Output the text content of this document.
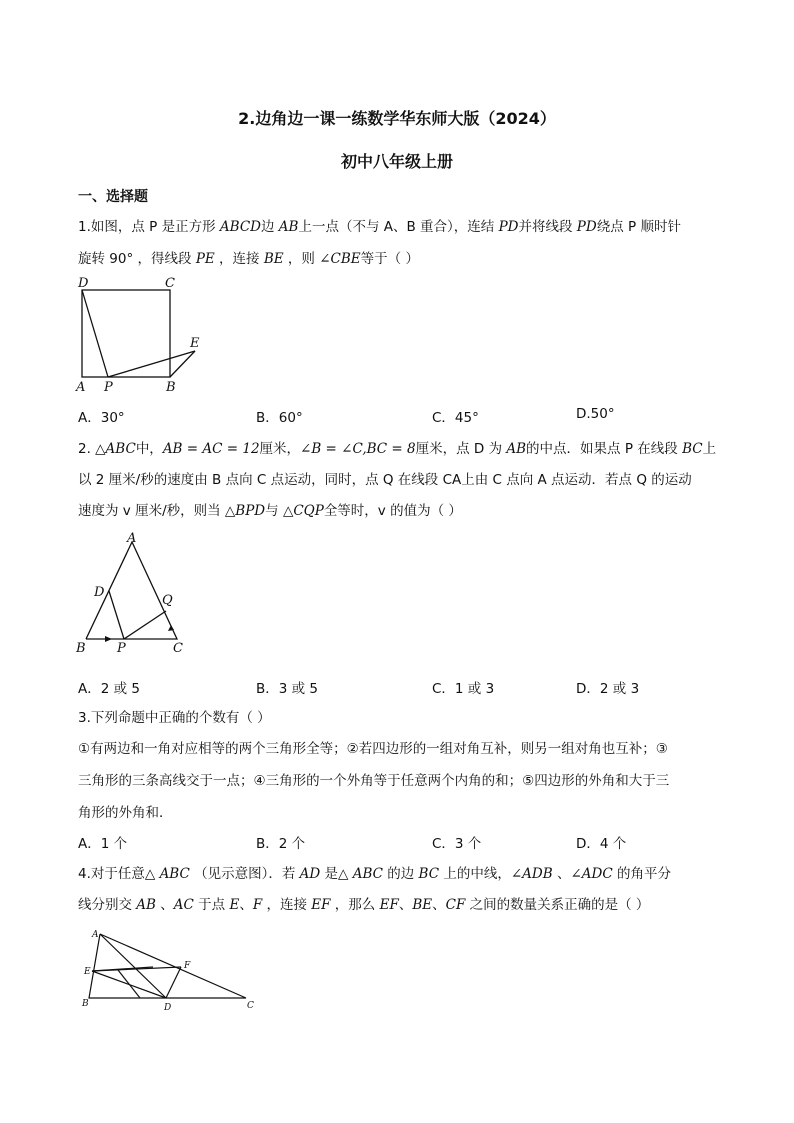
2.边角边一课一练数学华东师大版（2024）
初中八年级上册
一、选择题
1.如图，点 P 是正方形 ABCD边 AB上一点（不与 A、B 重合），连结 PD并将线段 PD绕点 P 顺时针
旋转 90° ，得线段 PE ，连接 BE ，则 ∠CBE等于（ ）
D	C
E
A P	B
A．30°	B．60°	C．45°	D.50°
2. △ABC中，AB = AC = 12厘米，∠B = ∠C,BC = 8厘米，点 D 为 AB的中点．如果点 P 在线段 BC上
以 2 厘米/秒的速度由 B 点向 C 点运动，同时，点 Q 在线段 CA上由 C 点向 A 点运动．若点 Q 的运动
速度为 v 厘米/秒，则当 △BPD与 △CQP全等时，v 的值为（ ）
A
D
Q
B P	C
A．2 或 5	B．3 或 5	C．1 或 3	D．2 或 3
3.下列命题中正确的个数有（ ）
①有两边和一角对应相等的两个三角形全等；②若四边形的一组对角互补，则另一组对角也互补；③
三角形的三条高线交于一点；④三角形的一个外角等于任意两个内角的和；⑤四边形的外角和大于三
角形的外角和．
A．1 个	B．2 个	C．3 个	D．4 个
4.对于任意△ ABC （见示意图）．若 AD 是△ ABC 的边 BC 上的中线，∠ADB 、∠ADC 的角平分
线分别交 AB 、AC 于点 E、F ，连接 EF ，那么 EF、BE、CF 之间的数量关系正确的是（ ）
A
E
F
B	D	C
